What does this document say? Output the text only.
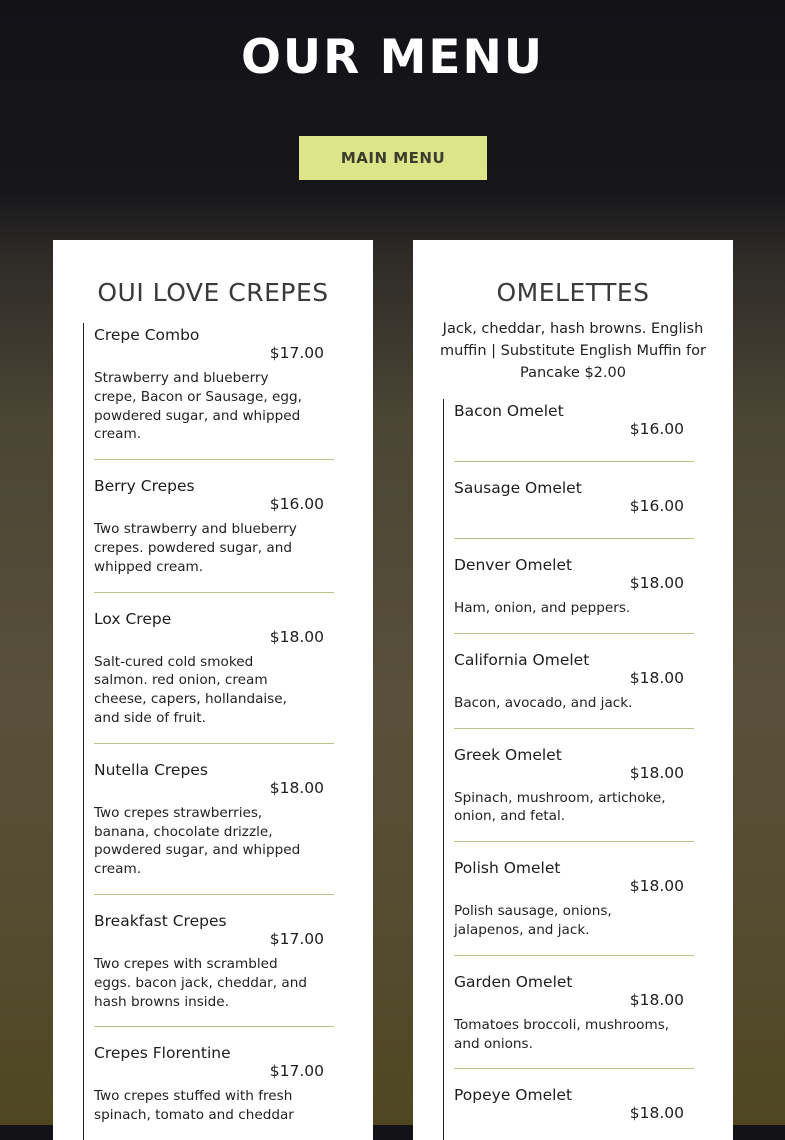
OUR MENU
MAIN MENU
OUI LOVE CREPES
Crepe Combo
$17.00
Strawberry and blueberry crepe, Bacon or Sausage, egg, powdered sugar, and whipped cream.
Berry Crepes
$16.00
Two strawberry and blueberry crepes. powdered sugar, and whipped cream.
Lox Crepe
$18.00
Salt-cured cold smoked salmon. red onion, cream cheese, capers, hollandaise, and side of fruit.
Nutella Crepes
$18.00
Two crepes strawberries, banana, chocolate drizzle, powdered sugar, and whipped cream.
Breakfast Crepes
$17.00
Two crepes with scrambled eggs. bacon jack, cheddar, and hash browns inside.
Crepes Florentine
$17.00
Two crepes stuffed with fresh spinach, tomato and cheddar
OMELETTES
Jack, cheddar, hash browns. English muffin | Substitute English Muffin for Pancake $2.00
Bacon Omelet
$16.00
Sausage Omelet
$16.00
Denver Omelet
$18.00
Ham, onion, and peppers.
California Omelet
$18.00
Bacon, avocado, and jack.
Greek Omelet
$18.00
Spinach, mushroom, artichoke, onion, and fetal.
Polish Omelet
$18.00
Polish sausage, onions, jalapenos, and jack.
Garden Omelet
$18.00
Tomatoes broccoli, mushrooms, and onions.
Popeye Omelet
$18.00
